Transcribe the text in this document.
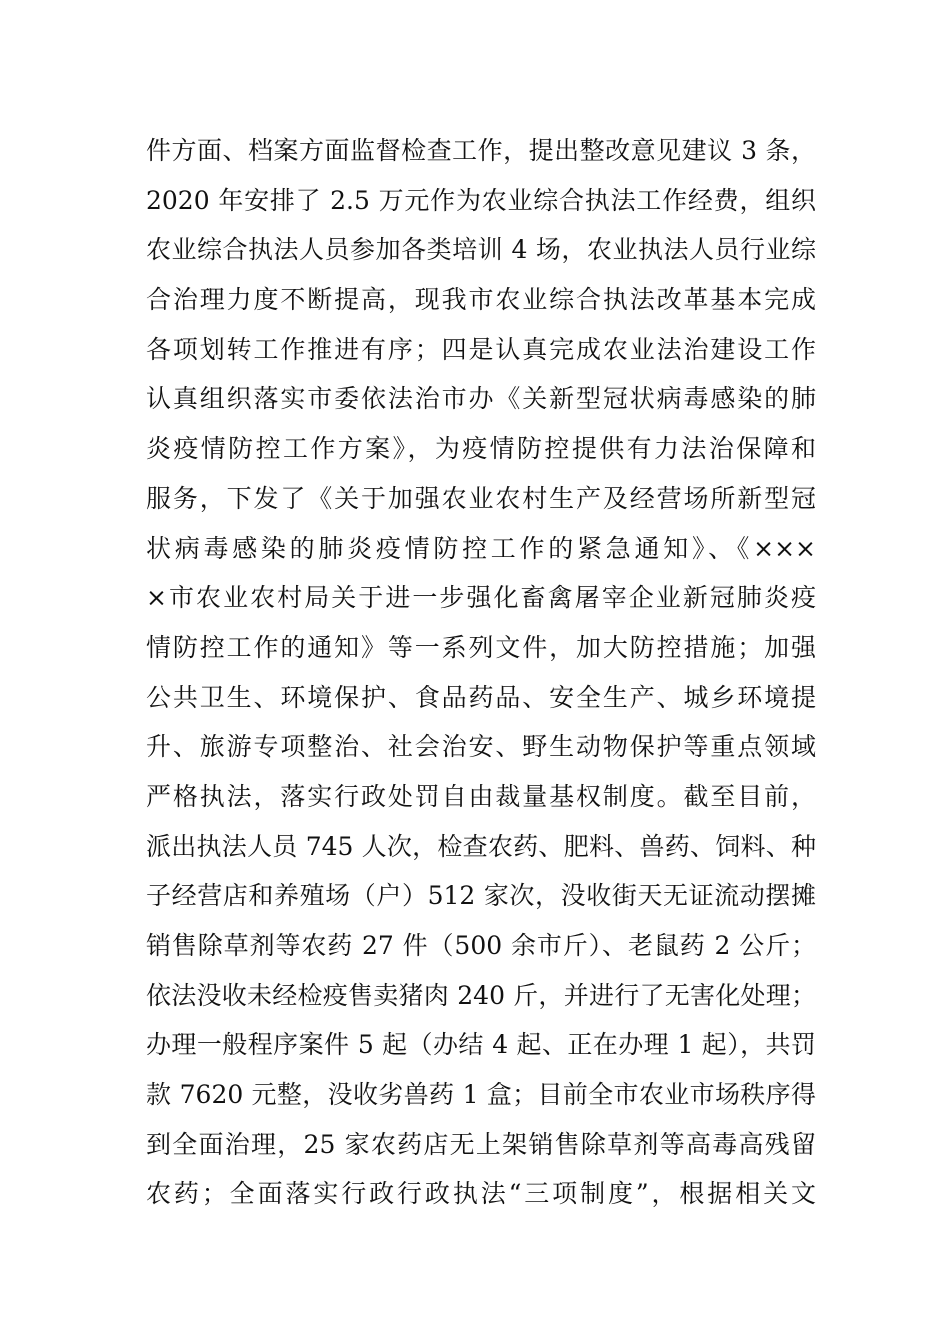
件方面、档案方面监督检查工作，提出整改意见建议 3 条，
2020 年安排了 2.5 万元作为农业综合执法工作经费，组织
农业综合执法人员参加各类培训 4 场，农业执法人员行业综
合治理力度不断提高，现我市农业综合执法改革基本完成
各项划转工作推进有序；四是认真完成农业法治建设工作
认真组织落实市委依法治市办《关新型冠状病毒感染的肺
炎疫情防控工作方案》，为疫情防控提供有力法治保障和
服务，下发了《关于加强农业农村生产及经营场所新型冠
状病毒感染的肺炎疫情防控工作的紧急通知》、《×××
×市农业农村局关于进一步强化畜禽屠宰企业新冠肺炎疫
情防控工作的通知》等一系列文件，加大防控措施；加强
公共卫生、环境保护、食品药品、安全生产、城乡环境提
升、旅游专项整治、社会治安、野生动物保护等重点领域
严格执法，落实行政处罚自由裁量基权制度。截至目前，
派出执法人员 745 人次，检查农药、肥料、兽药、饲料、种
子经营店和养殖场（户）512 家次，没收街天无证流动摆摊
销售除草剂等农药 27 件（500 余市斤）、老鼠药 2 公斤；
依法没收未经检疫售卖猪肉 240 斤，并进行了无害化处理；
办理一般程序案件 5 起（办结 4 起、正在办理 1 起），共罚
款 7620 元整，没收劣兽药 1 盒；目前全市农业市场秩序得
到全面治理，25 家农药店无上架销售除草剂等高毒高残留
农药；全面落实行政行政执法“三项制度”，根据相关文
